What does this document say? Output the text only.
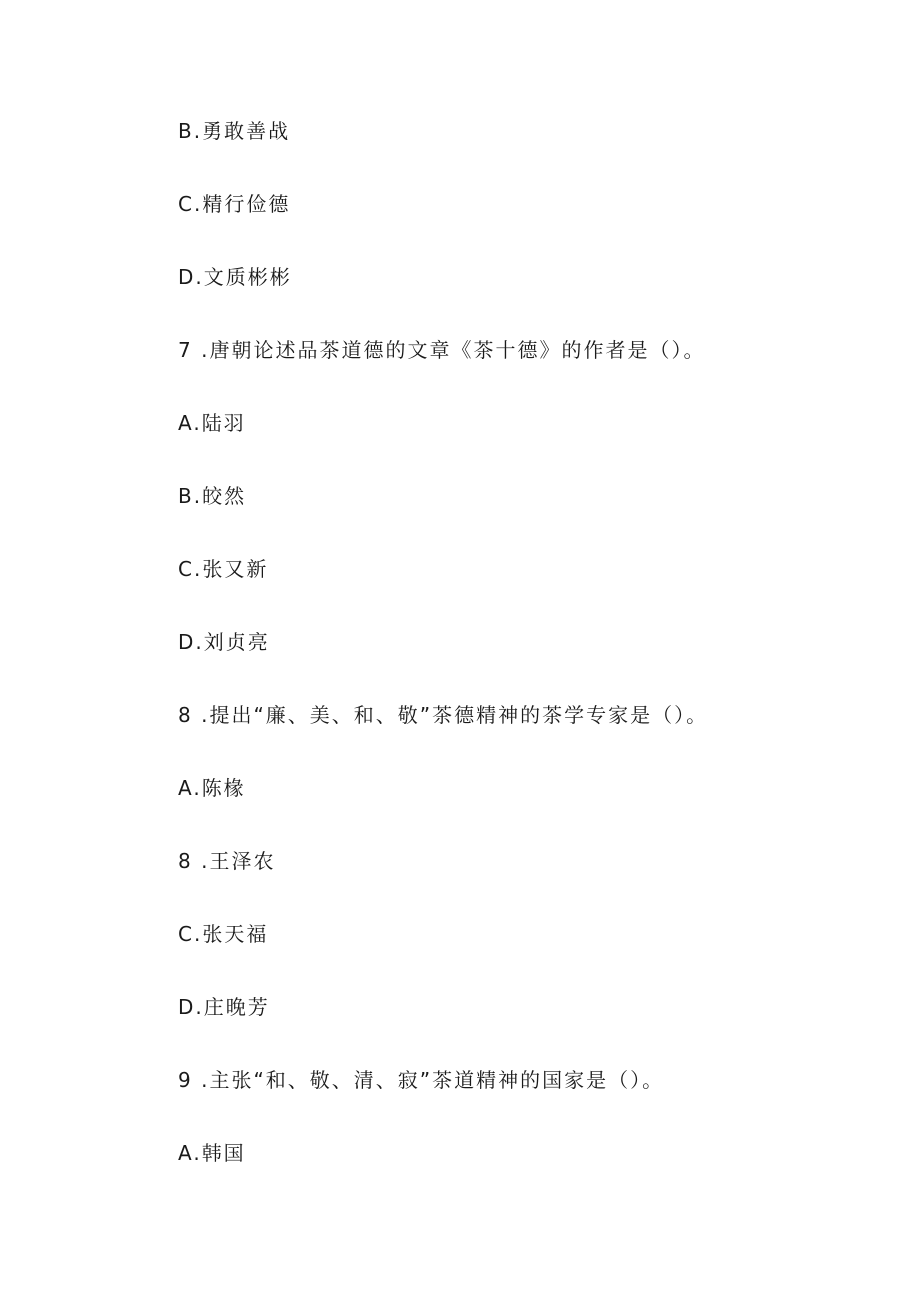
B.勇敢善战
C.精行俭德
D.文质彬彬
7 .唐朝论述品茶道德的文章《茶十德》的作者是（）。
A.陆羽
B.皎然
C.张又新
D.刘贞亮
8 .提出“廉、美、和、敬”茶德精神的茶学专家是（）。
A.陈椽
8 .王泽农
C.张天福
D.庄晚芳
9 .主张“和、敬、清、寂”茶道精神的国家是（）。
A.韩国
